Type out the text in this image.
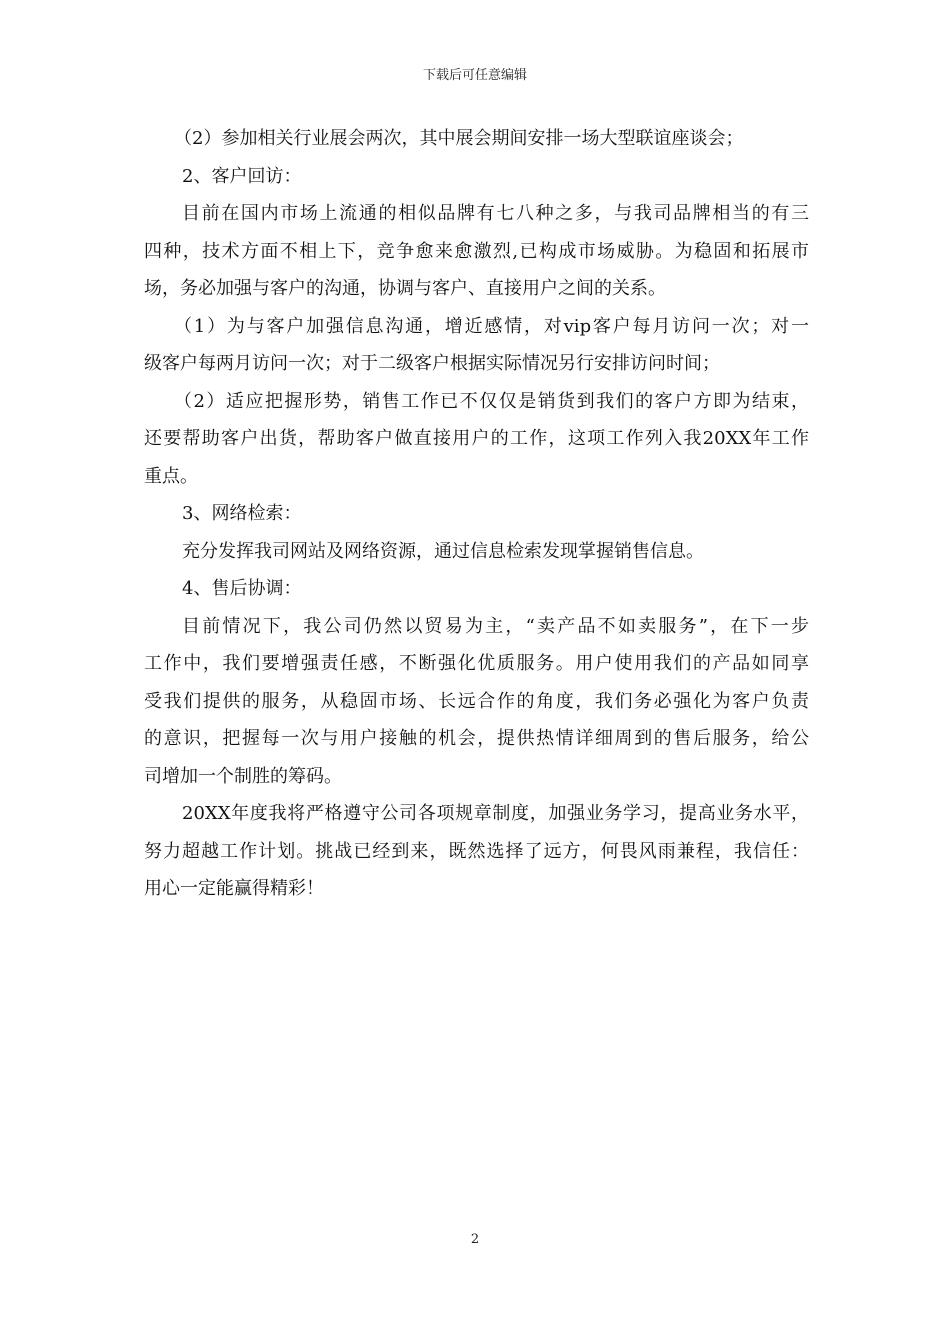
下载后可任意编辑
（2）参加相关行业展会两次，其中展会期间安排一场大型联谊座谈会；
2、客户回访：
目前在国内市场上流通的相似品牌有七八种之多，与我司品牌相当的有三
四种，技术方面不相上下，竞争愈来愈激烈,已构成市场威胁。为稳固和拓展市
场，务必加强与客户的沟通，协调与客户、直接用户之间的关系。
（1）为与客户加强信息沟通，增近感情，对vip客户每月访问一次；对一
级客户每两月访问一次；对于二级客户根据实际情况另行安排访问时间；
（2）适应把握形势，销售工作已不仅仅是销货到我们的客户方即为结束，
还要帮助客户出货，帮助客户做直接用户的工作，这项工作列入我20XX年工作
重点。
3、网络检索：
充分发挥我司网站及网络资源，通过信息检索发现掌握销售信息。
4、售后协调：
目前情况下，我公司仍然以贸易为主，“卖产品不如卖服务”，在下一步
工作中，我们要增强责任感，不断强化优质服务。用户使用我们的产品如同享
受我们提供的服务，从稳固市场、长远合作的角度，我们务必强化为客户负责
的意识，把握每一次与用户接触的机会，提供热情详细周到的售后服务，给公
司增加一个制胜的筹码。
20XX年度我将严格遵守公司各项规章制度，加强业务学习，提高业务水平，
努力超越工作计划。挑战已经到来，既然选择了远方，何畏风雨兼程，我信任：
用心一定能赢得精彩！
2
